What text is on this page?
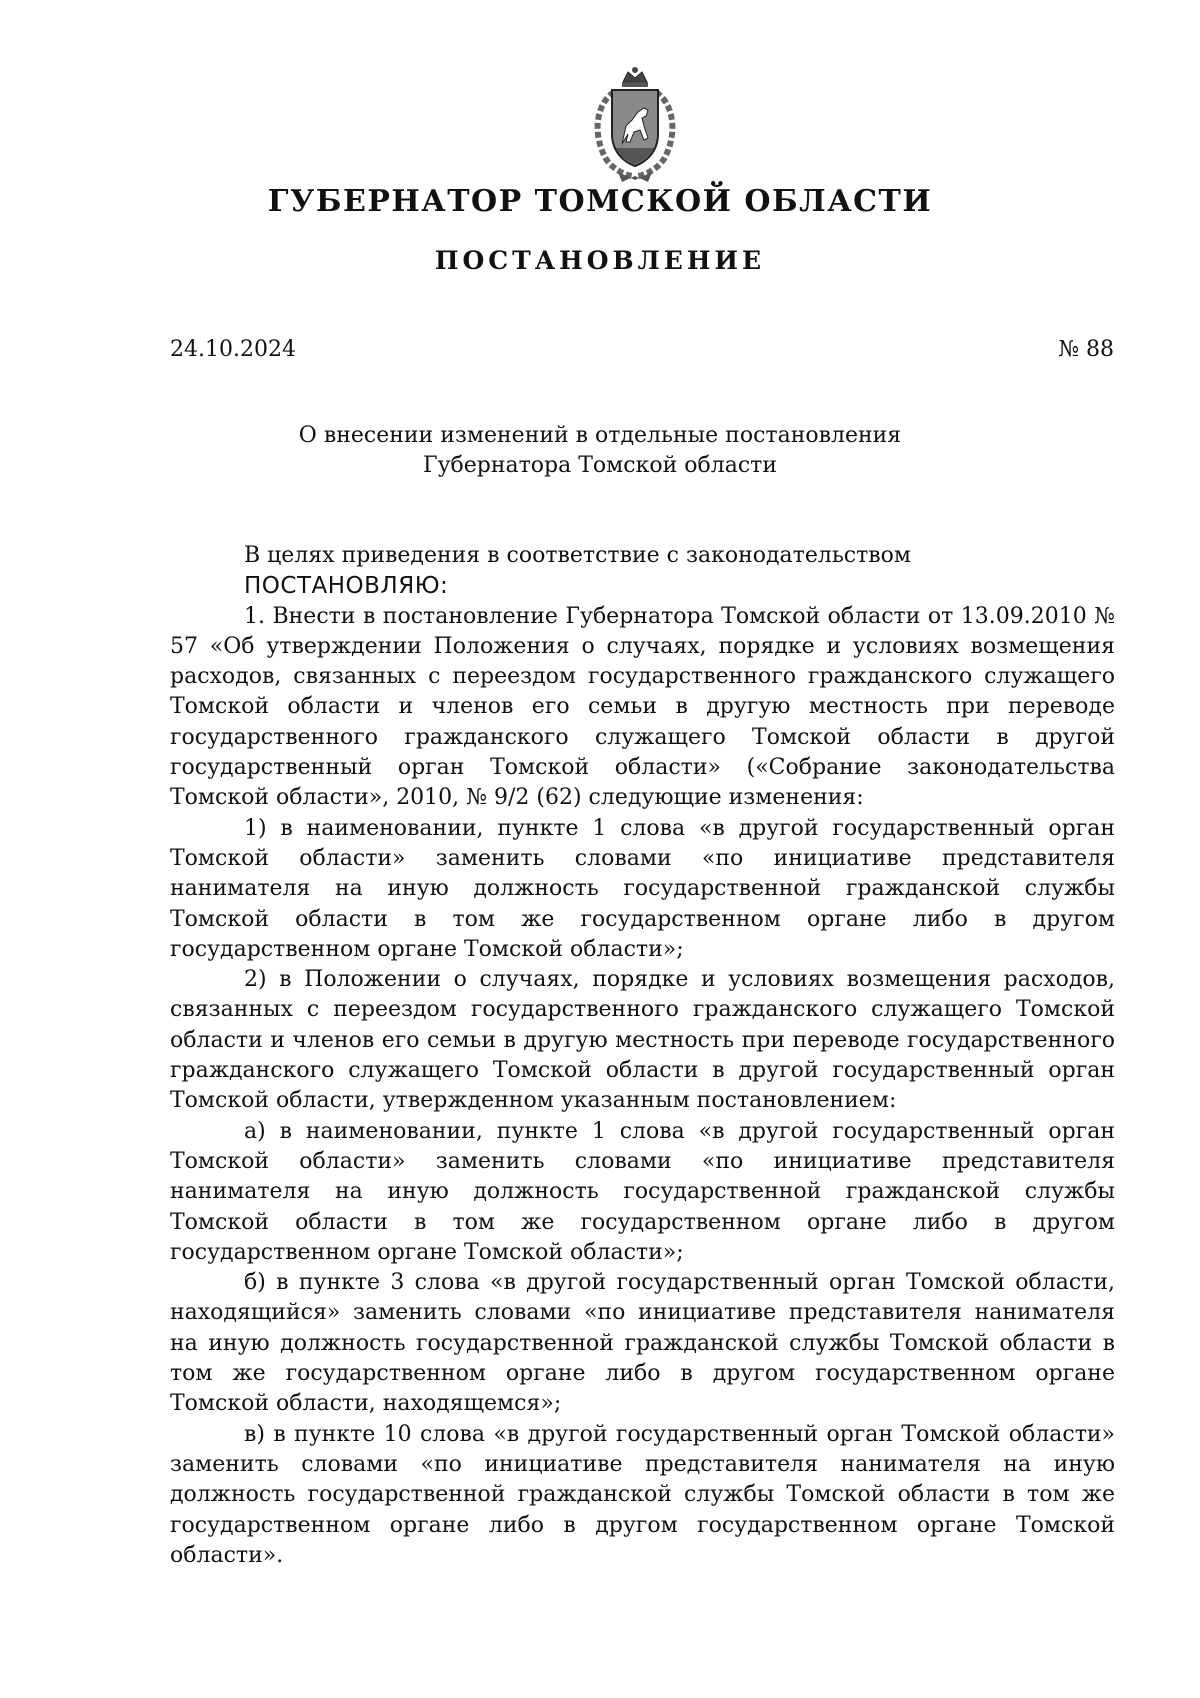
ГУБЕРНАТОР ТОМСКОЙ ОБЛАСТИ
ПОСТАНОВЛЕНИЕ
24.10.2024	№ 88
О внесении изменений в отдельные постановления
Губернатора Томской области

В целях приведения в соответствие с законодательством

ПОСТАНОВЛЯЮ:

1. Внести в постановление Губернатора Томской области от 13.09.2010 № 57 «Об утверждении Положения о случаях, порядке и условиях возмещения расходов, связанных с переездом государственного гражданского служащего Томской области и членов его семьи в другую местность при переводе государственного гражданского служащего Томской области в другой государственный орган Томской области» («Собрание законодательства Томской области», 2010, № 9/2 (62) следующие изменения:

1) в наименовании, пункте 1 слова «в другой государственный орган Томской области» заменить словами «по инициативе представителя нанимателя на иную должность государственной гражданской службы Томской области в том же государственном органе либо в другом государственном органе Томской области»;

2) в Положении о случаях, порядке и условиях возмещения расходов, связанных с переездом государственного гражданского служащего Томской области и членов его семьи в другую местность при переводе государственного гражданского служащего Томской области в другой государственный орган Томской области, утвержденном указанным постановлением:

а) в наименовании, пункте 1 слова «в другой государственный орган Томской области» заменить словами «по инициативе представителя нанимателя на иную должность государственной гражданской службы Томской области в том же государственном органе либо в другом государственном органе Томской области»;

б) в пункте 3 слова «в другой государственный орган Томской области, находящийся» заменить словами «по инициативе представителя нанимателя на иную должность государственной гражданской службы Томской области в том же государственном органе либо в другом государственном органе Томской области, находящемся»;

в) в пункте 10 слова «в другой государственный орган Томской области» заменить словами «по инициативе представителя нанимателя на иную должность государственной гражданской службы Томской области в том же государственном органе либо в другом государственном органе Томской области».
